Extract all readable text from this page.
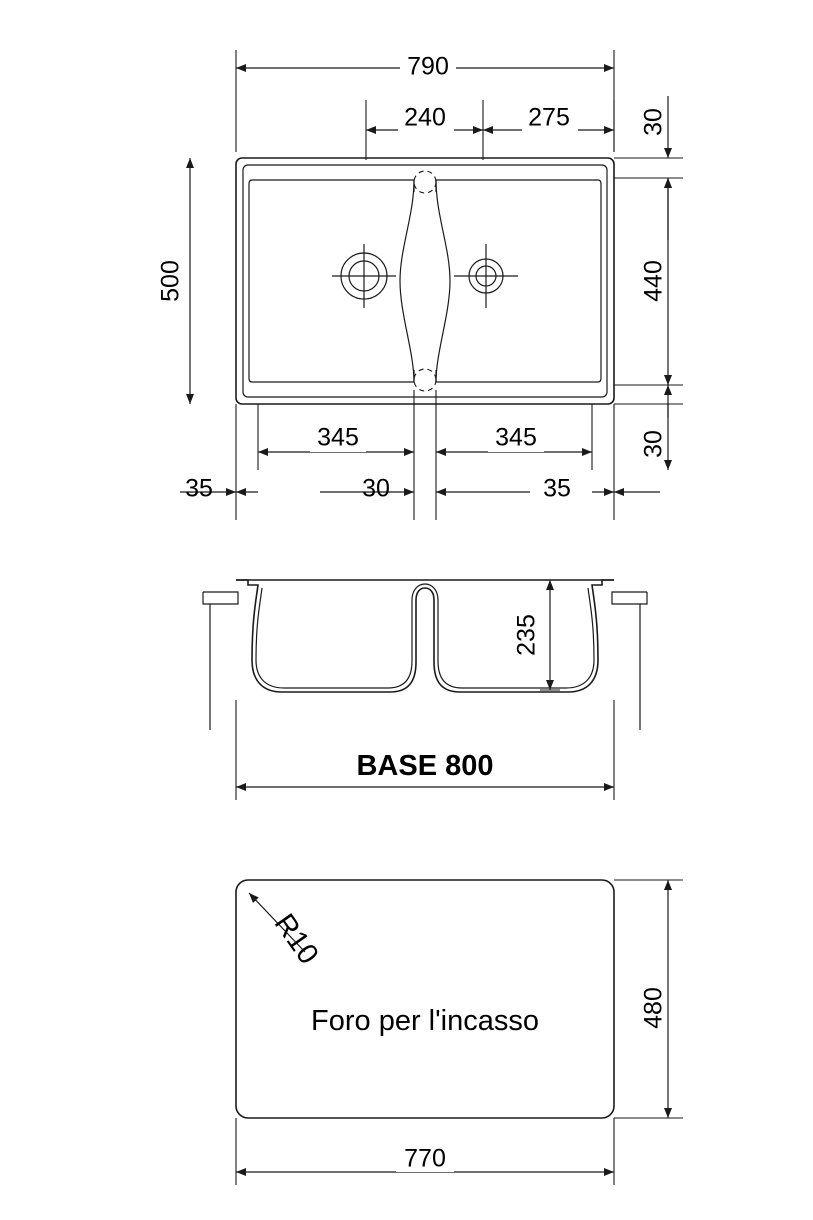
790
240	275
500
30
440
30
345	345
35	30	35
235
BASE 800
R10
Foro per l'incasso	480
770
